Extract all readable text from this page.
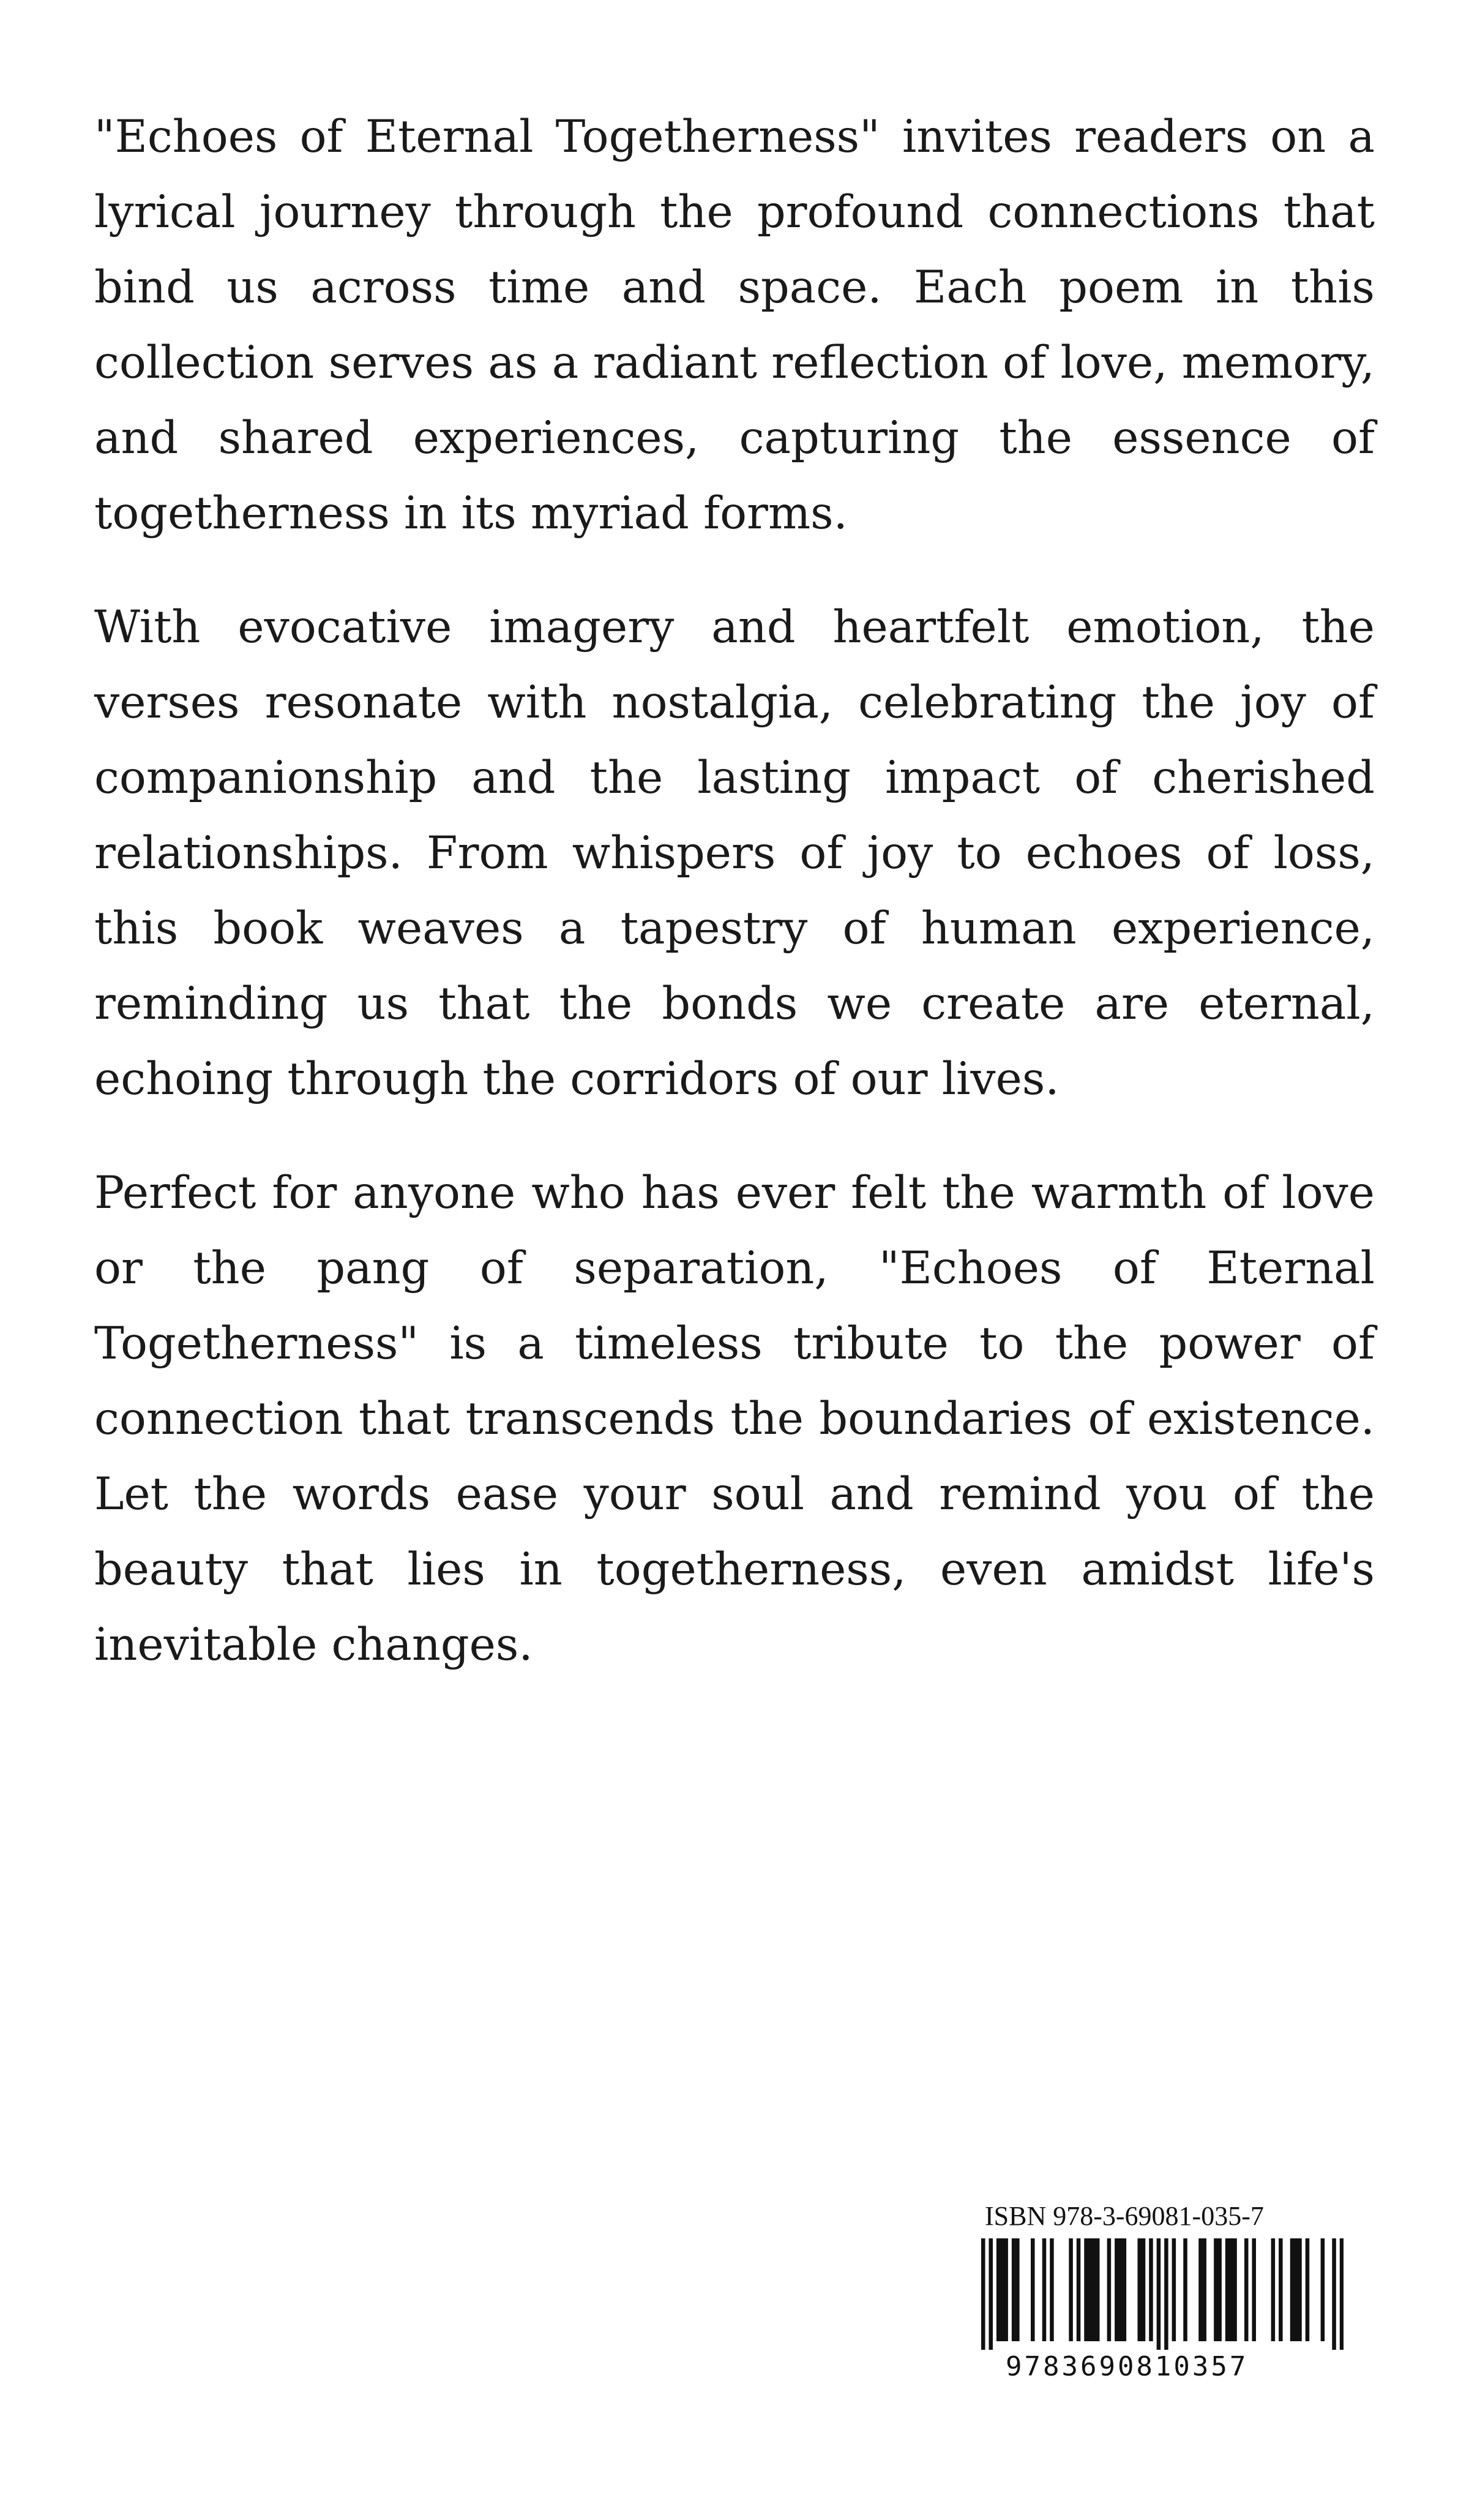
"Echoes of Eternal Togetherness" invites readers on a lyrical journey through the profound connections that bind us across time and space. Each poem in this collection serves as a radiant reflection of love, memory, and shared experiences, capturing the essence of togetherness in its myriad forms.

With evocative imagery and heartfelt emotion, the verses resonate with nostalgia, celebrating the joy of companionship and the lasting impact of cherished relationships. From whispers of joy to echoes of loss, this book weaves a tapestry of human experience, reminding us that the bonds we create are eternal, echoing through the corridors of our lives.

Perfect for anyone who has ever felt the warmth of love or the pang of separation, "Echoes of Eternal Togetherness" is a timeless tribute to the power of connection that transcends the boundaries of existence. Let the words ease your soul and remind you of the beauty that lies in togetherness, even amidst life's inevitable changes.

ISBN 978-3-69081-035-7
9783690810357
